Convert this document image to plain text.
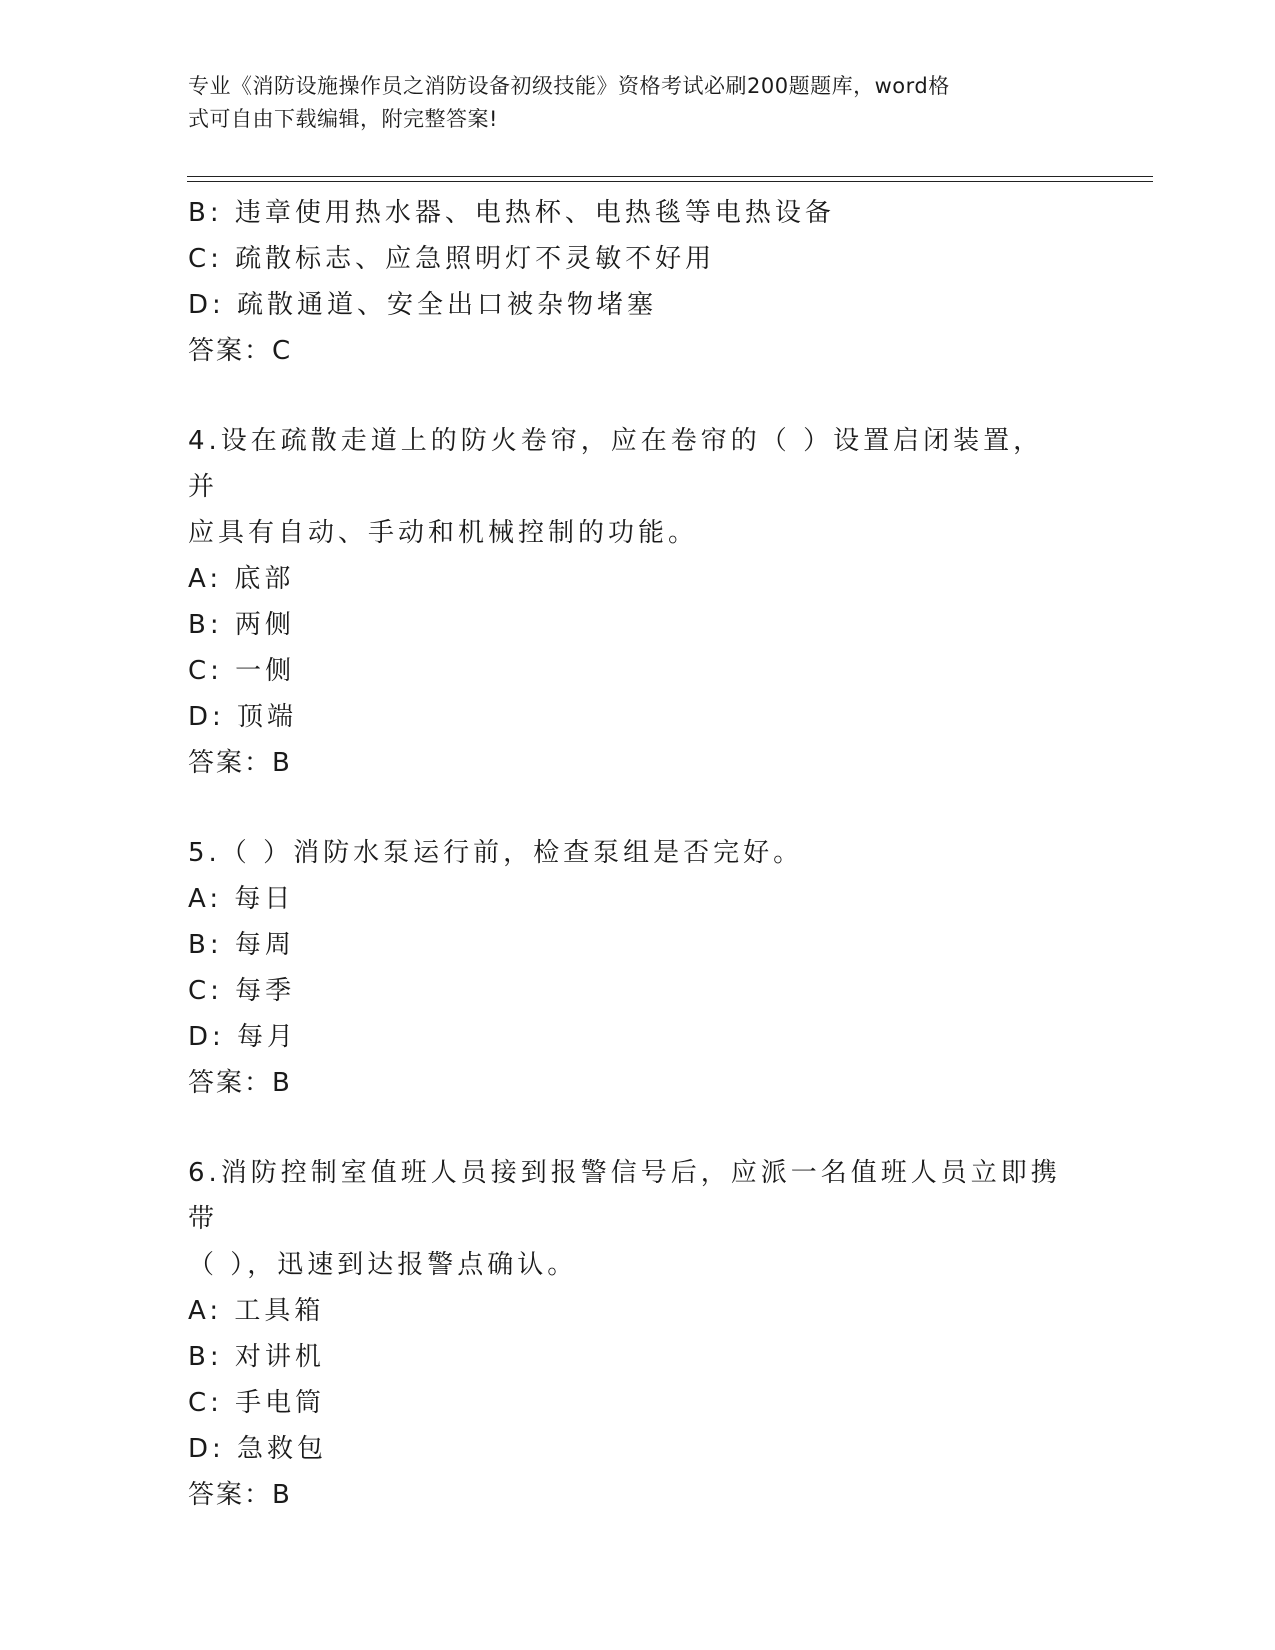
专业《消防设施操作员之消防设备初级技能》资格考试必刷200题题库，word格
式可自由下载编辑，附完整答案!
B: 违章使用热水器、电热杯、电热毯等电热设备
C: 疏散标志、应急照明灯不灵敏不好用
D: 疏散通道、安全出口被杂物堵塞
答案：C
4.设在疏散走道上的防火卷帘，应在卷帘的（ ）设置启闭装置，并
应具有自动、手动和机械控制的功能。
A: 底部
B: 两侧
C: 一侧
D: 顶端
答案：B
5.（ ）消防水泵运行前，检查泵组是否完好。
A: 每日
B: 每周
C: 每季
D: 每月
答案：B
6.消防控制室值班人员接到报警信号后，应派一名值班人员立即携带
（ ），迅速到达报警点确认。
A: 工具箱
B: 对讲机
C: 手电筒
D: 急救包
答案：B
